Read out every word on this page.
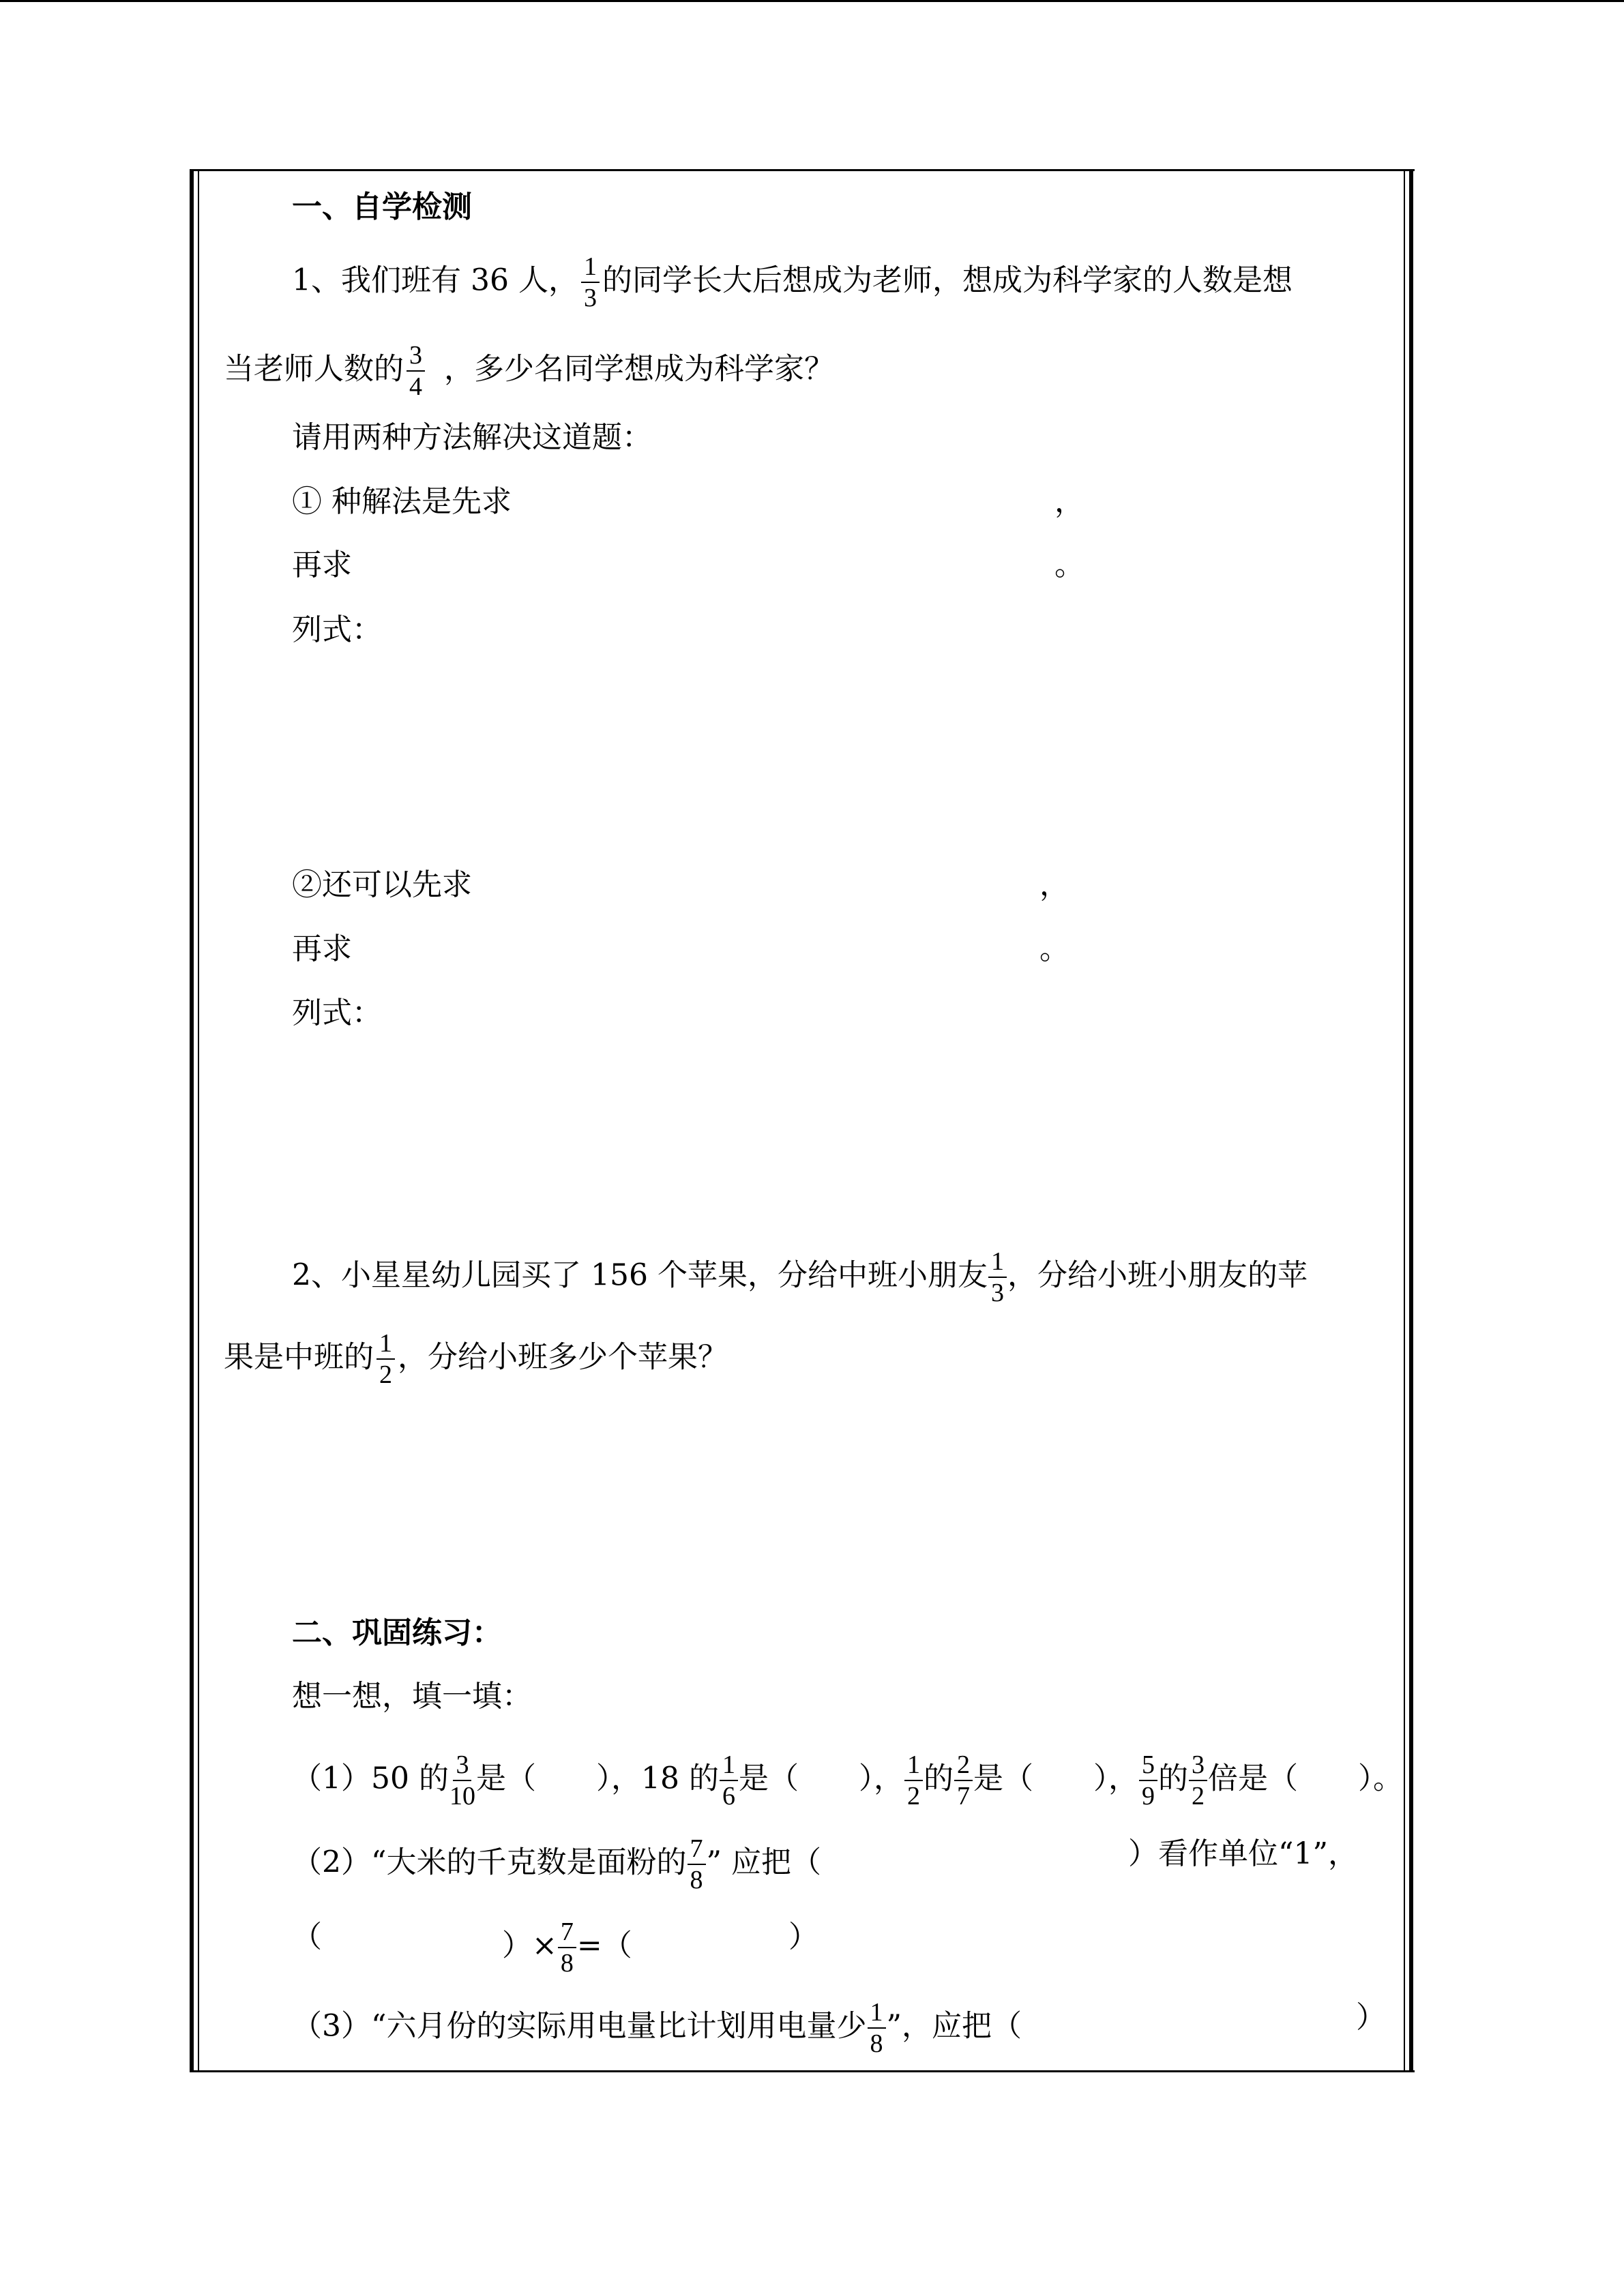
一、自学检测
1、我们班有 36 人， $\frac{1}{3}$ 的同学长大后想成为老师，想成为科学家的人数是想
当老师人数的 $\frac{3}{4}$ ，多少名同学想成为科学家？
请用两种方法解决这道题：
① 种解法是先求	，
再求	。
列式：
②还可以先求	，
再求	。
列式：
2、小星星幼儿园买了 156 个苹果，分给中班小朋友 $\frac{1}{3}$ ，分给小班小朋友的苹
果是中班的 $\frac{1}{2}$ ，分给小班多少个苹果？
二、巩固练习：
想一想，填一填：
（1）50 的 $\frac{3}{10}$ 是（　　），18 的 $\frac{1}{6}$ 是（　　）， $\frac{1}{2}$ 的 $\frac{2}{7}$ 是（　　）， $\frac{5}{9}$ 的 $\frac{3}{2}$ 倍是（　　）。
（2）“大米的千克数是面粉的 $\frac{7}{8}$ ” 应把（	）看作单位“1”，
（	）× $\frac{7}{8}$ =（	）
（3）“六月份的实际用电量比计划用电量少 $\frac{1}{8}$ ”，应把（	）
